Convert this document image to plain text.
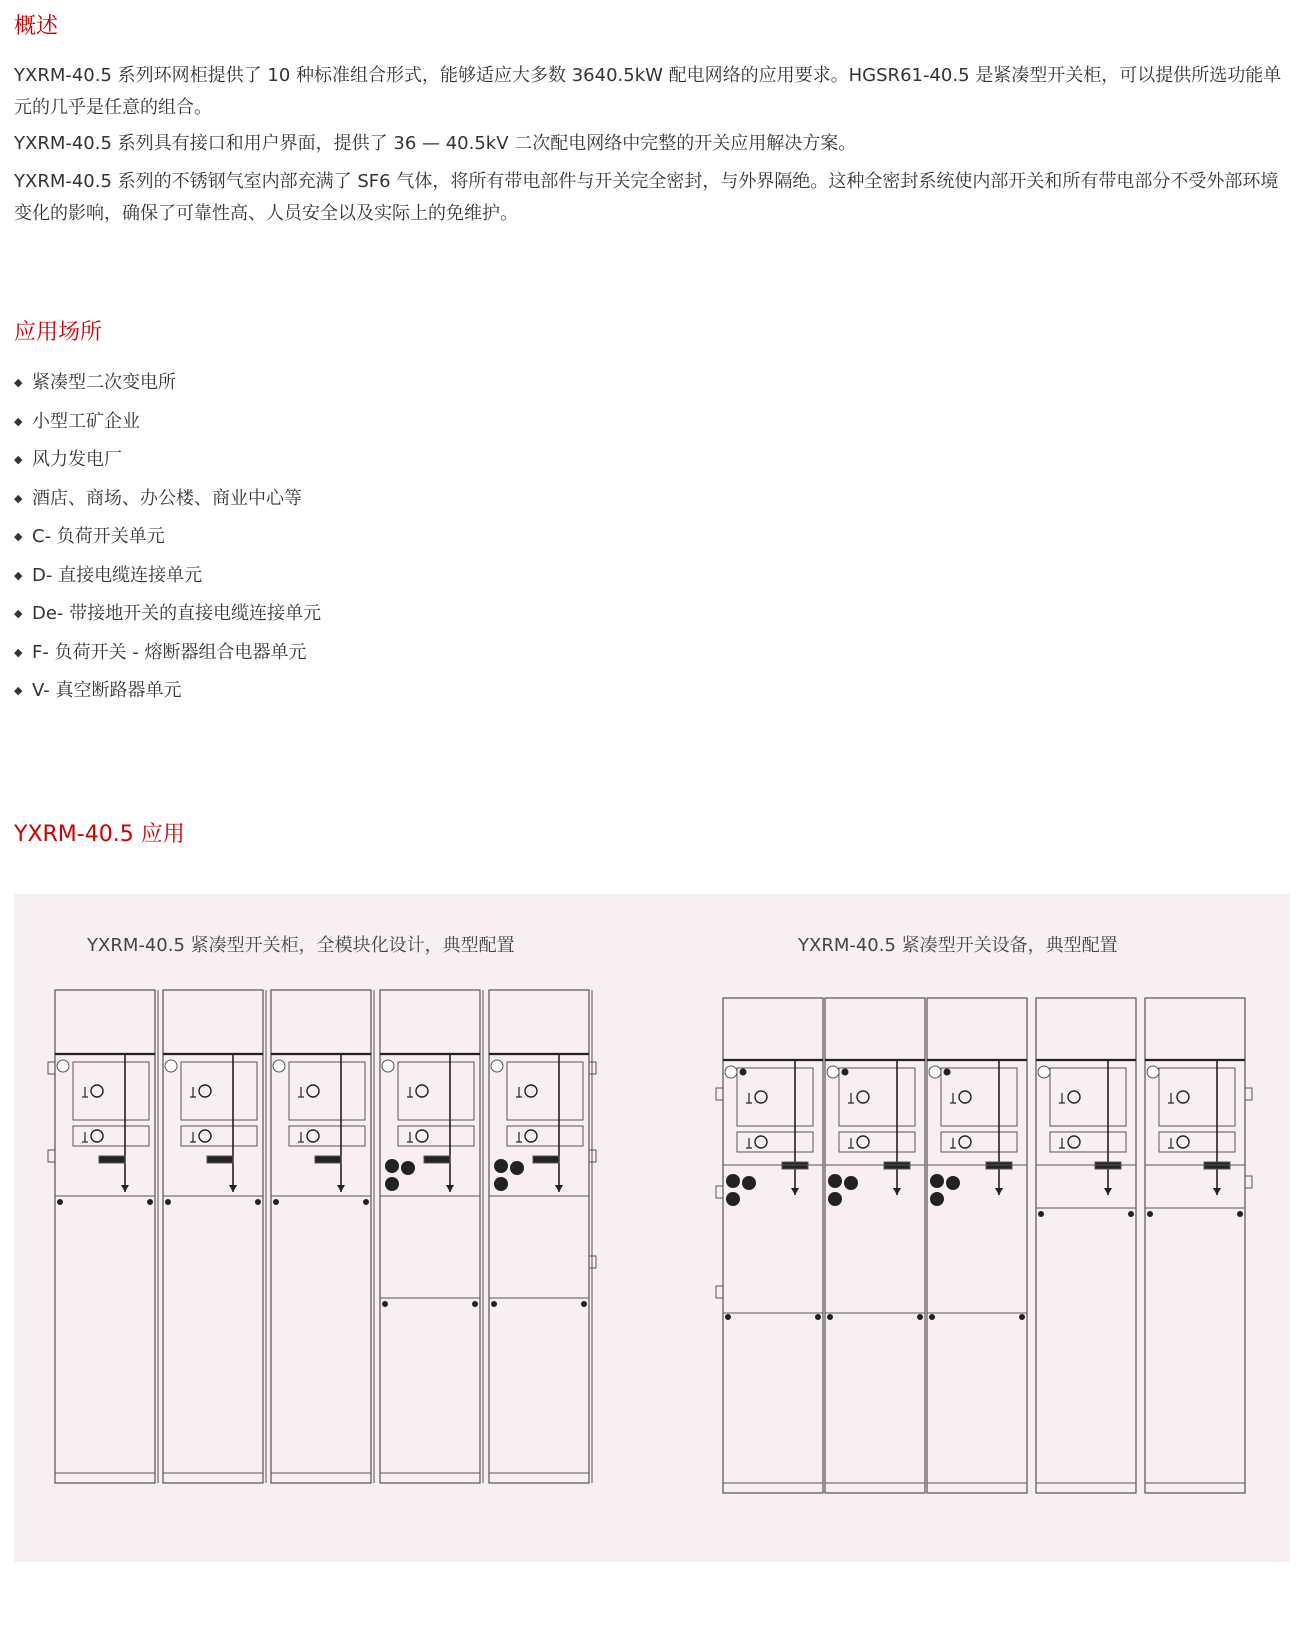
概述

YXRM-40.5 系列环网柜提供了 10 种标准组合形式，能够适应大多数 3640.5kW 配电网络的应用要求。HGSR61-40.5 是紧凑型开关柜，可以提供所选功能单元的几乎是任意的组合。

YXRM-40.5 系列具有接口和用户界面，提供了 36 — 40.5kV 二次配电网络中完整的开关应用解决方案。

YXRM-40.5 系列的不锈钢气室内部充满了 SF6 气体，将所有带电部件与开关完全密封，与外界隔绝。这种全密封系统使内部开关和所有带电部分不受外部环境变化的影响，确保了可靠性高、人员安全以及实际上的免维护。

应用场所
◆ 紧凑型二次变电所
◆ 小型工矿企业
◆ 风力发电厂
◆ 酒店、商场、办公楼、商业中心等
◆ C- 负荷开关单元
◆ D- 直接电缆连接单元
◆ De- 带接地开关的直接电缆连接单元
◆ F- 负荷开关 - 熔断器组合电器单元
◆ V- 真空断路器单元
YXRM-40.5 应用
YXRM-40.5 紧凑型开关柜，全模块化设计，典型配置	YXRM-40.5 紧凑型开关设备，典型配置
